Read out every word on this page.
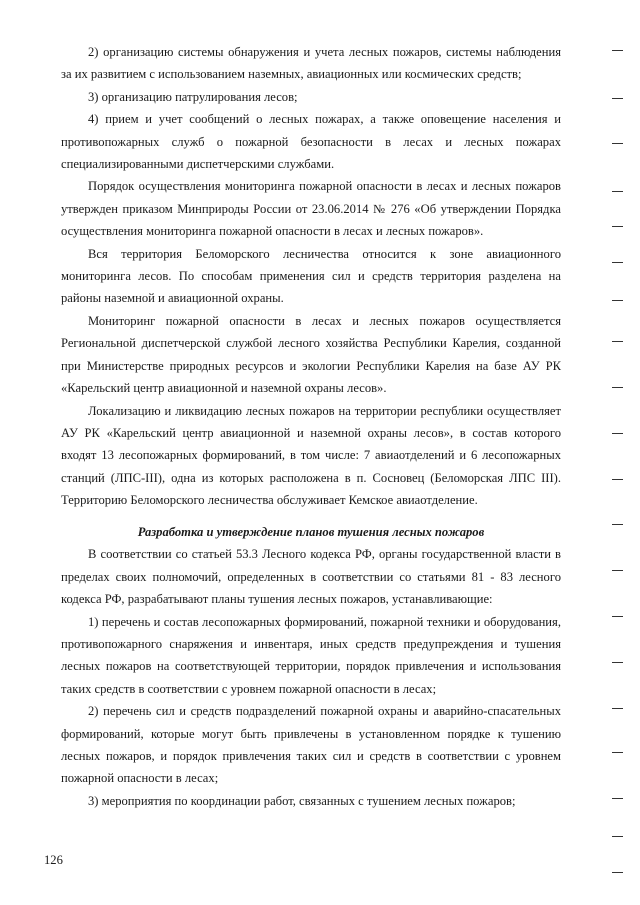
2) организацию системы обнаружения и учета лесных пожаров, системы наблюдения за их развитием с использованием наземных, авиационных или космических средств;

3) организацию патрулирования лесов;

4) прием и учет сообщений о лесных пожарах, а также оповещение населения и противопожарных служб о пожарной безопасности в лесах и лесных пожарах специализированными диспетчерскими службами.

Порядок осуществления мониторинга пожарной опасности в лесах и лесных пожаров утвержден приказом Минприроды России от 23.06.2014 № 276 «Об утверждении Порядка осуществления мониторинга пожарной опасности в лесах и лесных пожаров».

Вся территория Беломорского лесничества относится к зоне авиационного мониторинга лесов. По способам применения сил и средств территория разделена на районы наземной и авиационной охраны.

Мониторинг пожарной опасности в лесах и лесных пожаров осуществляется Региональной диспетчерской службой лесного хозяйства Республики Карелия, созданной при Министерстве природных ресурсов и экологии Республики Карелия на базе АУ РК «Карельский центр авиационной и наземной охраны лесов».

Локализацию и ликвидацию лесных пожаров на территории республики осуществляет АУ РК «Карельский центр авиационной и наземной охраны лесов», в состав которого входят 13 лесопожарных формирований, в том числе: 7 авиаотделений и 6 лесопожарных станций (ЛПС-III), одна из которых расположена в п. Сосновец (Беломорская ЛПС III). Территорию Беломорского лесничества обслуживает Кемское авиаотделение.

Разработка и утверждение планов тушения лесных пожаров

В соответствии со статьей 53.3 Лесного кодекса РФ, органы государственной власти в пределах своих полномочий, определенных в соответствии со статьями 81 - 83 лесного кодекса РФ, разрабатывают планы тушения лесных пожаров, устанавливающие:

1) перечень и состав лесопожарных формирований, пожарной техники и оборудования, противопожарного снаряжения и инвентаря, иных средств предупреждения и тушения лесных пожаров на соответствующей территории, порядок привлечения и использования таких средств в соответствии с уровнем пожарной опасности в лесах;

2) перечень сил и средств подразделений пожарной охраны и аварийно-спасательных формирований, которые могут быть привлечены в установленном порядке к тушению лесных пожаров, и порядок привлечения таких сил и средств в соответствии с уровнем пожарной опасности в лесах;

3) мероприятия по координации работ, связанных с тушением лесных пожаров;

126
